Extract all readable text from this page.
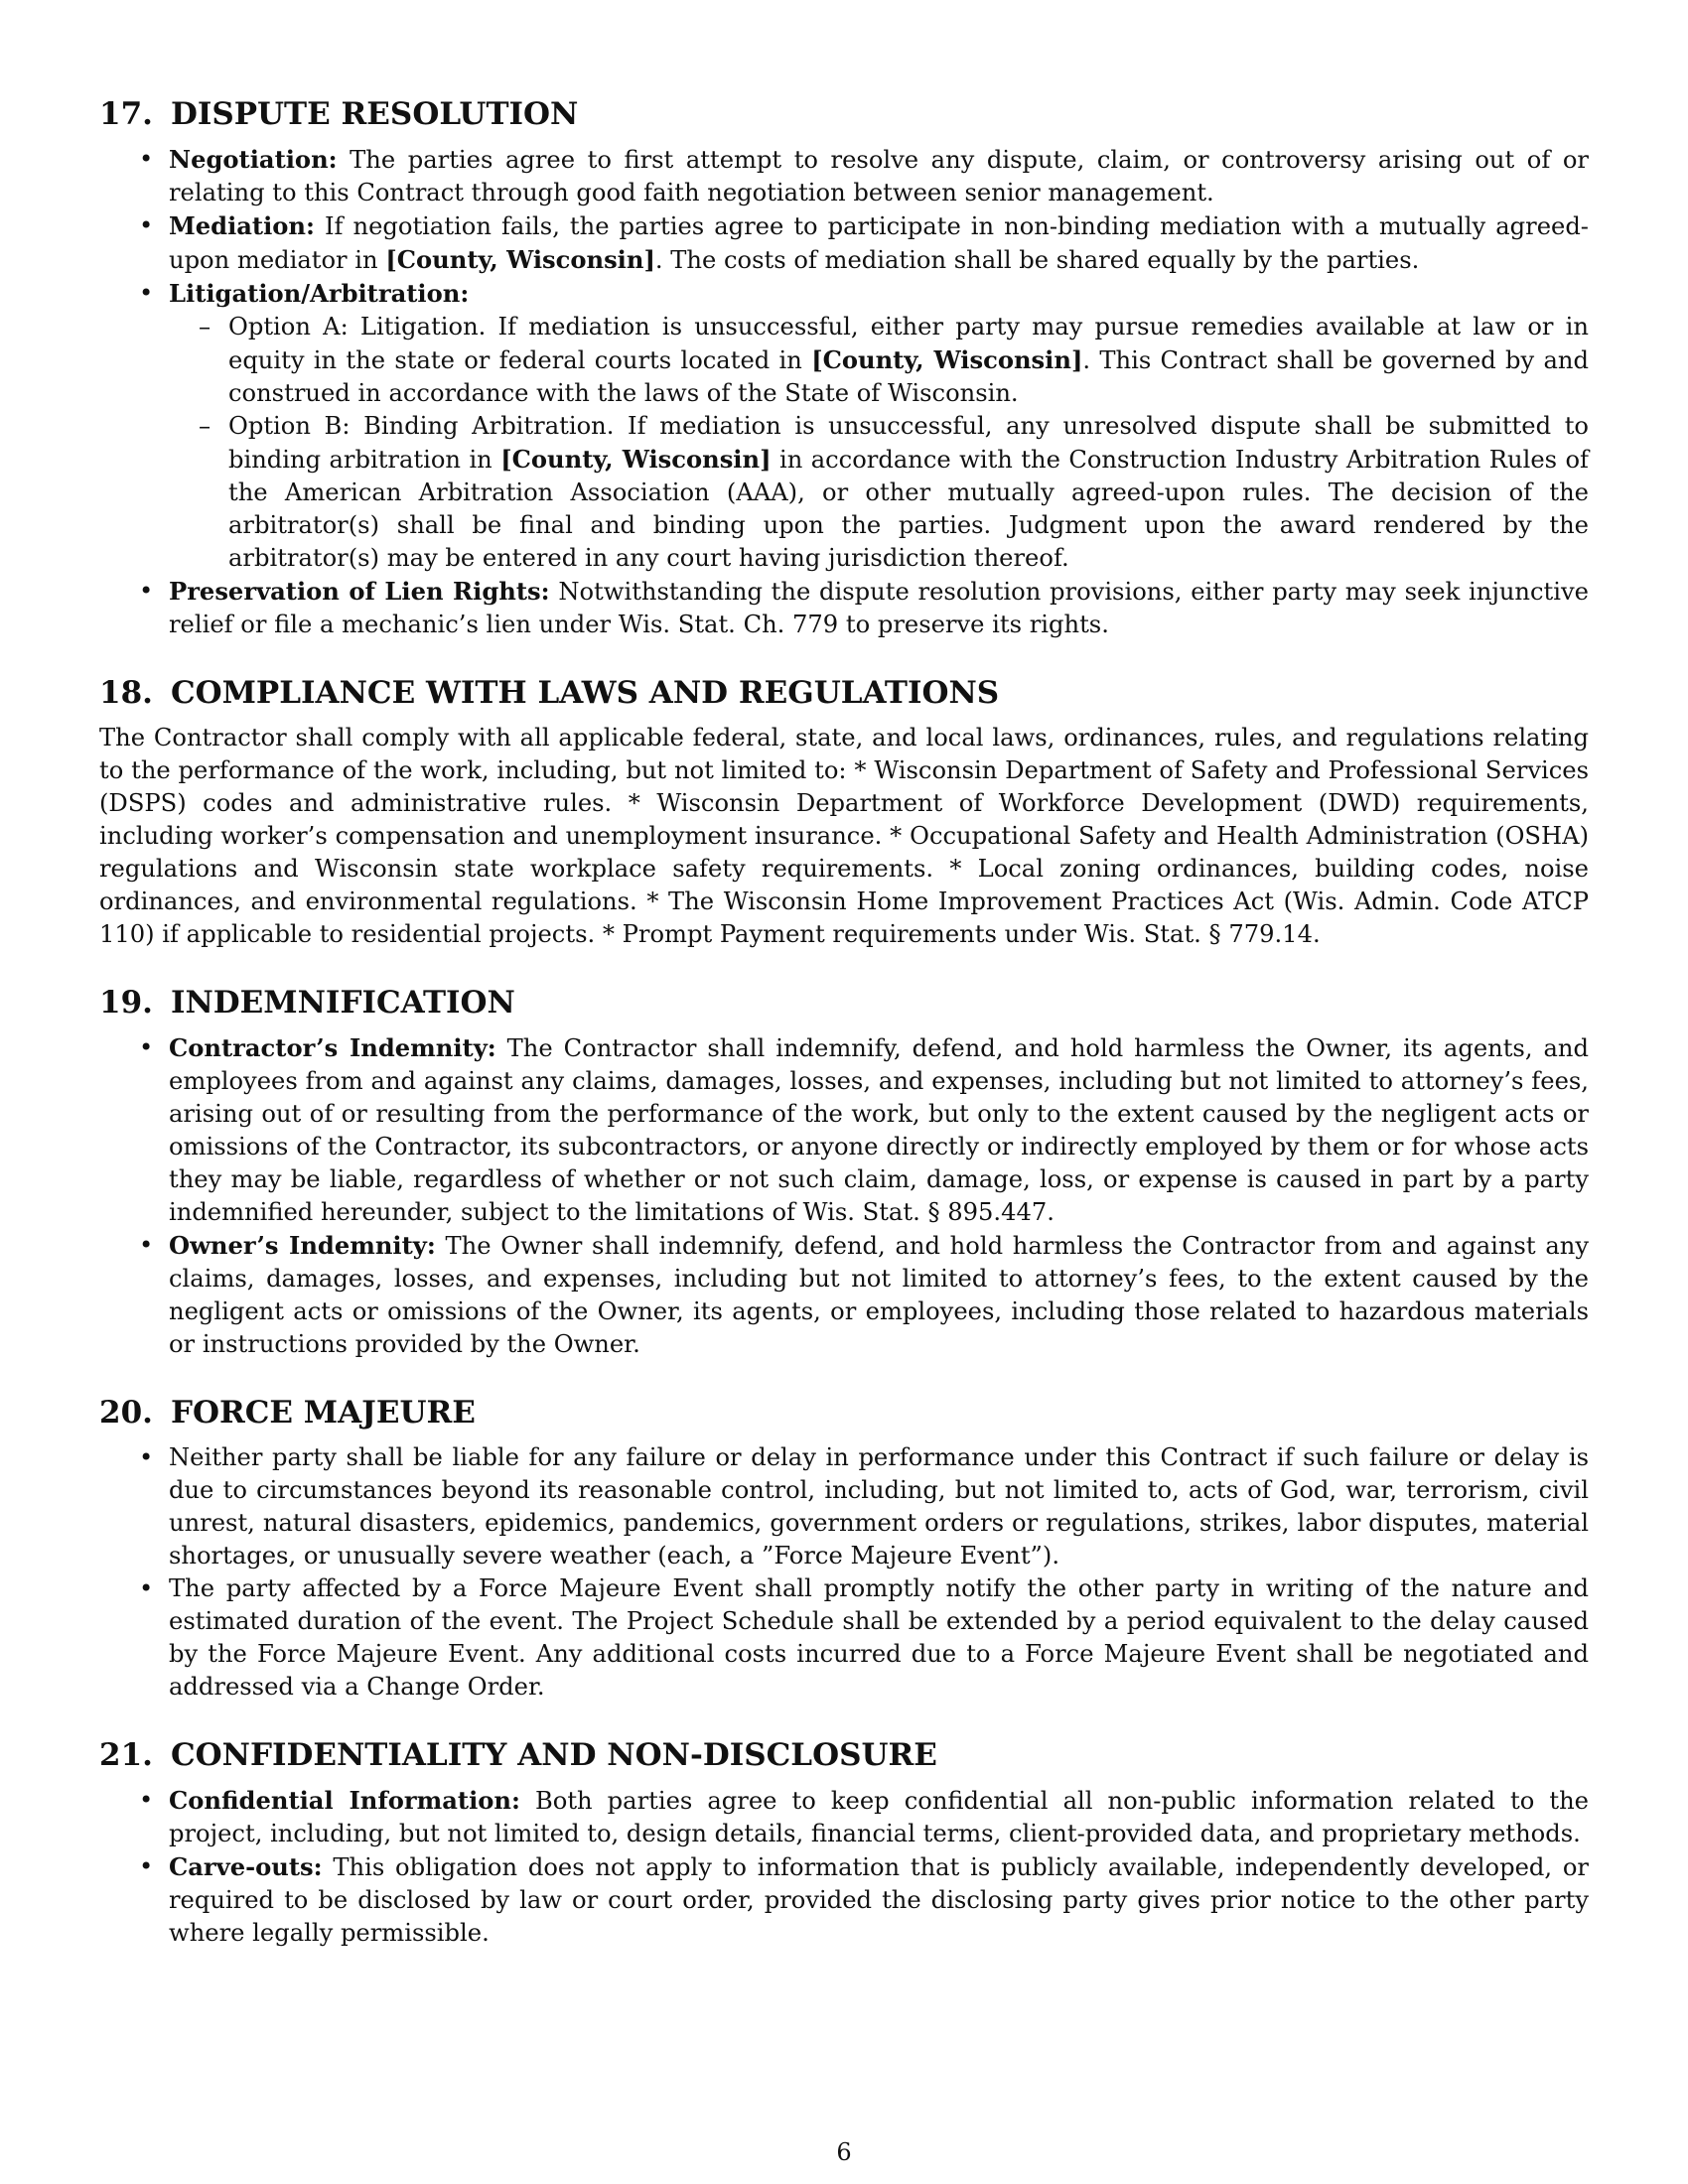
17. DISPUTE RESOLUTION
• Negotiation: The parties agree to first attempt to resolve any dispute, claim, or controversy arising out of or relating to this Contract through good faith negotiation between senior management.
• Mediation: If negotiation fails, the parties agree to participate in non-binding mediation with a mutually agreed-upon mediator in [County, Wisconsin]. The costs of mediation shall be shared equally by the parties.
• Litigation/Arbitration:
– Option A: Litigation. If mediation is unsuccessful, either party may pursue remedies available at law or in equity in the state or federal courts located in [County, Wisconsin]. This Contract shall be governed by and construed in accordance with the laws of the State of Wisconsin.
– Option B: Binding Arbitration. If mediation is unsuccessful, any unresolved dispute shall be submitted to binding arbitration in [County, Wisconsin] in accordance with the Construction Industry Arbitration Rules of the American Arbitration Association (AAA), or other mutually agreed-upon rules. The decision of the arbitrator(s) shall be final and binding upon the parties. Judgment upon the award rendered by the arbitrator(s) may be entered in any court having jurisdiction thereof.
• Preservation of Lien Rights: Notwithstanding the dispute resolution provisions, either party may seek injunctive relief or file a mechanic’s lien under Wis. Stat. Ch. 779 to preserve its rights.
18. COMPLIANCE WITH LAWS AND REGULATIONS

The Contractor shall comply with all applicable federal, state, and local laws, ordinances, rules, and regulations relating to the performance of the work, including, but not limited to: * Wisconsin Department of Safety and Professional Services (DSPS) codes and administrative rules. * Wisconsin Department of Workforce Development (DWD) requirements, including worker’s compensation and unemployment insurance. * Occupational Safety and Health Administration (OSHA) regulations and Wisconsin state workplace safety requirements. * Local zoning ordinances, building codes, noise ordinances, and environmental regulations. * The Wisconsin Home Improvement Practices Act (Wis. Admin. Code ATCP 110) if applicable to residential projects. * Prompt Payment requirements under Wis. Stat. § 779.14.

19. INDEMNIFICATION
• Contractor’s Indemnity: The Contractor shall indemnify, defend, and hold harmless the Owner, its agents, and employees from and against any claims, damages, losses, and expenses, including but not limited to attorney’s fees, arising out of or resulting from the performance of the work, but only to the extent caused by the negligent acts or omissions of the Contractor, its subcontractors, or anyone directly or indirectly employed by them or for whose acts they may be liable, regardless of whether or not such claim, damage, loss, or expense is caused in part by a party indemnified hereunder, subject to the limitations of Wis. Stat. § 895.447.
• Owner’s Indemnity: The Owner shall indemnify, defend, and hold harmless the Contractor from and against any claims, damages, losses, and expenses, including but not limited to attorney’s fees, to the extent caused by the negligent acts or omissions of the Owner, its agents, or employees, including those related to hazardous materials or instructions provided by the Owner.
20. FORCE MAJEURE
• Neither party shall be liable for any failure or delay in performance under this Contract if such failure or delay is due to circumstances beyond its reasonable control, including, but not limited to, acts of God, war, terrorism, civil unrest, natural disasters, epidemics, pandemics, government orders or regulations, strikes, labor disputes, material shortages, or unusually severe weather (each, a ”Force Majeure Event”).
• The party affected by a Force Majeure Event shall promptly notify the other party in writing of the nature and estimated duration of the event. The Project Schedule shall be extended by a period equivalent to the delay caused by the Force Majeure Event. Any additional costs incurred due to a Force Majeure Event shall be negotiated and addressed via a Change Order.
21. CONFIDENTIALITY AND NON-DISCLOSURE
• Confidential Information: Both parties agree to keep confidential all non-public information related to the project, including, but not limited to, design details, financial terms, client-provided data, and proprietary methods.
• Carve-outs: This obligation does not apply to information that is publicly available, independently developed, or required to be disclosed by law or court order, provided the disclosing party gives prior notice to the other party where legally permissible.
6
